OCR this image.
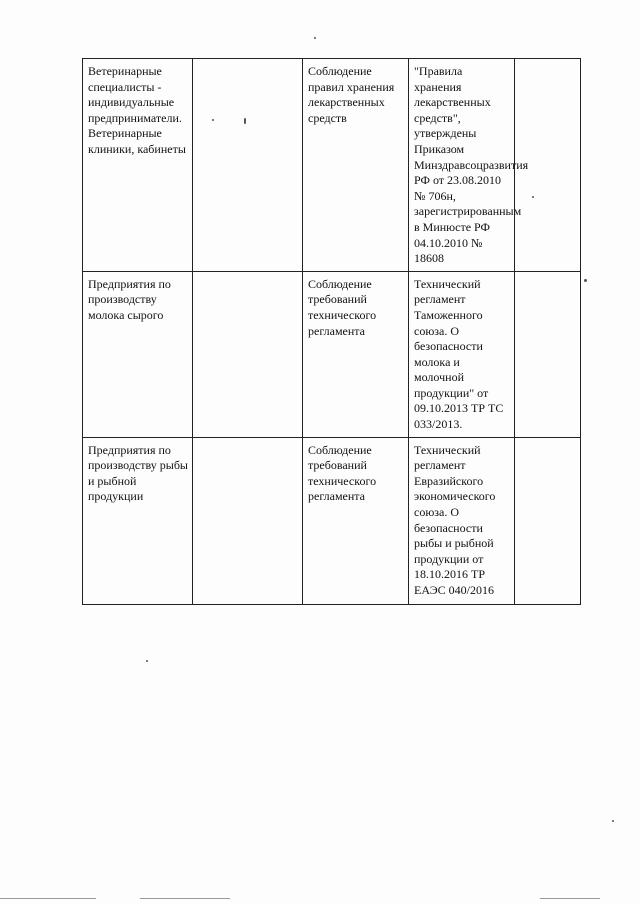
Ветеринарные специалисты - индивидуальные предприниматели. Ветеринарные клиники, кабинеты		Соблюдение правил хранения лекарственных средств	"Правила хранения лекарственных средств", утверждены Приказом Минздравсоцразвития РФ от 23.08.2010 № 706н, зарегистрированным в Минюсте РФ 04.10.2010 № 18608	

Предприятия по производству молока сырого		Соблюдение требований технического регламента	Технический регламент Таможенного союза. О безопасности молока и молочной продукции" от 09.10.2013 ТР ТС 033/2013.	

Предприятия по производству рыбы и рыбной продукции		Соблюдение требований технического регламента	Технический регламент Евразийского экономического союза. О безопасности рыбы и рыбной продукции от 18.10.2016 ТР ЕАЭС 040/2016	
